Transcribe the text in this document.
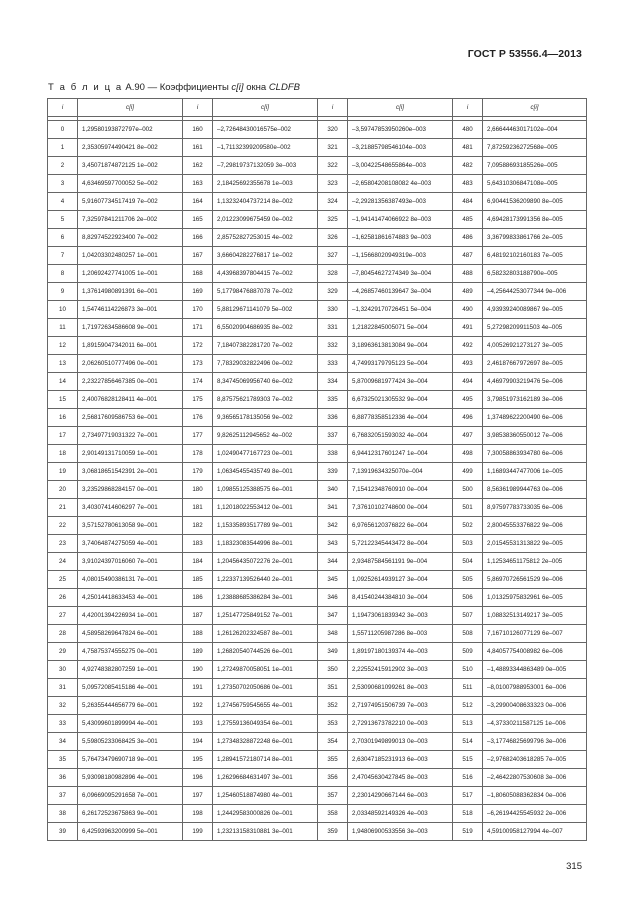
ГОСТ Р 53556.4—2013
Т а б л и ц а А.90 — Коэффициенты c[i] окна CLDFB
i	c[i]	i	c[i]	i	c[i]	i	c[i]

0	1,29580193872797е–002	160	–2,72648430016575е–002	320	–3,59747853950260е–003	480	2,66644463017102е–004
1	2,35305974490421 8е–002	161	–1,71132399209580е–002	321	–3,21885798546104е–003	481	7,87259236272568е–005
2	3,45071874872125 1е–002	162	–7,29819737132059 3е–003	322	–3,00422548655864е–003	482	7,09588693185526е–005
3	4,63469597700052 5е–002	163	2,18425692355678 1е–003	323	–2,65804208108082 4е–003	483	5,64310306847108е–005
4	5,91607734517419 7е–002	164	1,13232404737214 8е–002	324	–2,29281356387493е–003	484	6,90441536209890 8е–005
5	7,32597841211706 2е–002	165	2,01223099675459 0е–002	325	–1,94141474066922 8е–003	485	4,69428173991356 8е–005
6	8,82974522923400 7е–002	166	2,85752827253015 4е–002	326	–1,62581861674883 9е–003	486	3,36799833861766 2е–005
7	1,04203302480257 1е–001	167	3,66604282276817 1е–002	327	–1,15668020949319е–003	487	6,48192102160183 7е–005
8	1,20692427741005 1е–001	168	4,43968397804415 7е–002	328	–7,80454627274349 3е–004	488	6,58232803188790е–005
9	1,37614980891391 6е–001	169	5,17798476887078 7е–002	329	–4,26857460139647 3е–004	489	–4,25644253077344 9е–006
10	1,54746114226873 3е–001	170	5,88129671141079 5е–002	330	–1,32429170726451 5е–004	490	4,93939240089867 9е–005
11	1,71972634586608 9е–001	171	6,55020904686935 8е–002	331	1,21822845005071 5е–004	491	5,27298209911503 4е–005
12	1,89159047342011 6е–001	172	7,18407382281720 7е–002	332	3,18963613813084 9е–004	492	4,00526921273127 3е–005
13	2,06260510777496 0е–001	173	7,78329032822496 0е–002	333	4,74993179795123 5е–004	493	2,46187667972697 8е–005
14	2,23227856467385 0е–001	174	8,34745069956740 6е–002	334	5,87009681977424 3е–004	494	4,46979903219476 5е–006
15	2,40076828128411 4е–001	175	8,87575621789303 7е–002	335	6,67325021305532 9е–004	495	3,79851973162189 3е–006
16	2,56817609586753 6е–001	176	9,36565178135056 9е–002	336	6,88778358512336 4е–004	496	1,37489622200490 6е–006
17	2,73497719031322 7е–001	177	9,82625112945652 4е–002	337	6,76832051593032 4е–004	497	3,98538360550012 7е–006
18	2,90149131710059 1е–001	178	1,02490477167723 0е–001	338	6,94412317601247 1е–004	498	7,30058863934780 6е–006
19	3,06818651542391 2е–001	179	1,06345455435749 8е–001	339	7,13919634325070е–004	499	1,16893447477006 1е–005
20	3,23529868284157 0е–001	180	1,09855125388575 6е–001	340	7,15412348760910 0е–004	500	8,56361989944763 0е–006
21	3,40307414606297 7е–001	181	1,12018022553412 0е–001	341	7,37610102748600 0е–004	501	8,97597783733035 6е–006
22	3,57152780613058 9е–001	182	1,15335893517789 9е–001	342	6,97656120376822 6е–004	502	2,80045553376822 9е–006
23	3,74064874275059 4е–001	183	1,18323083544996 8е–001	343	5,72122345443472 8е–004	503	2,01545531313822 9е–005
24	3,91024397016060 7е–001	184	1,20456435072276 2е–001	344	2,93487584561191 9е–004	504	1,12534651175812 2е–005
25	4,08015490386131 7е–001	185	1,22337139526440 2е–001	345	1,09252614939127 3е–004	505	5,86970726561529 9е–006
26	4,25014418633453 4е–001	186	1,23888685386284 3е–001	346	8,41540244384810 3е–004	506	1,01325975832961 6е–005
27	4,42001394226934 1е–001	187	1,25147725849152 7е–001	347	1,19473061839342 3е–003	507	1,08832513149217 3е–005
28	4,58958269647824 6е–001	188	1,26126202324587 8е–001	348	1,55711205987286 8е–003	508	7,16710126077129 6е–007
29	4,75875374555275 0е–001	189	1,26820540744526 6е–001	349	1,89197180139374 4е–003	509	4,84057754008982 6е–006
30	4,92748382807259 1е–001	190	1,27249870058051 1е–001	350	2,22552415912902 3е–003	510	–1,48893344863489 0е–005
31	5,09572085415186 4е–001	191	1,27350702050686 0е–001	351	2,53090681099261 8е–003	511	–8,01007988953001 6е–006
32	5,26355444656779 6е–001	192	1,27456759545655 4е–001	352	2,71974951506739 7е–003	512	–3,29900408633323 0е–006
33	5,43099601899994 4е–001	193	1,27559136049354 6е–001	353	2,72913673782210 0е–003	513	–4,37330211587125 1е–006
34	5,59805233068425 3е–001	194	1,27348328872248 6е–001	354	2,70301949899013 0е–003	514	–3,17746825699796 3е–006
35	5,76473479690718 9е–001	195	1,28941572180714 8е–001	355	2,63047185231913 6е–003	515	–2,97682403618285 7е–005
36	5,93098180982896 4е–001	196	1,26296684631497 3е–001	356	2,47045630427845 8е–003	516	–2,46422807530608 3е–006
37	6,09669095291658 7е–001	197	1,25460518874980 4е–001	357	2,23014290667144 6е–003	517	–1,80605088362834 0е–006
38	6,26172523675863 9е–001	198	1,24429583000826 0е–001	358	2,03348592149326 4е–003	518	–6,26194425545932 2е–006
39	6,42593963200999 5е–001	199	1,23213158310881 3е–001	359	1,94806900533556 3е–003	519	4,59100958127994 4е–007
315
